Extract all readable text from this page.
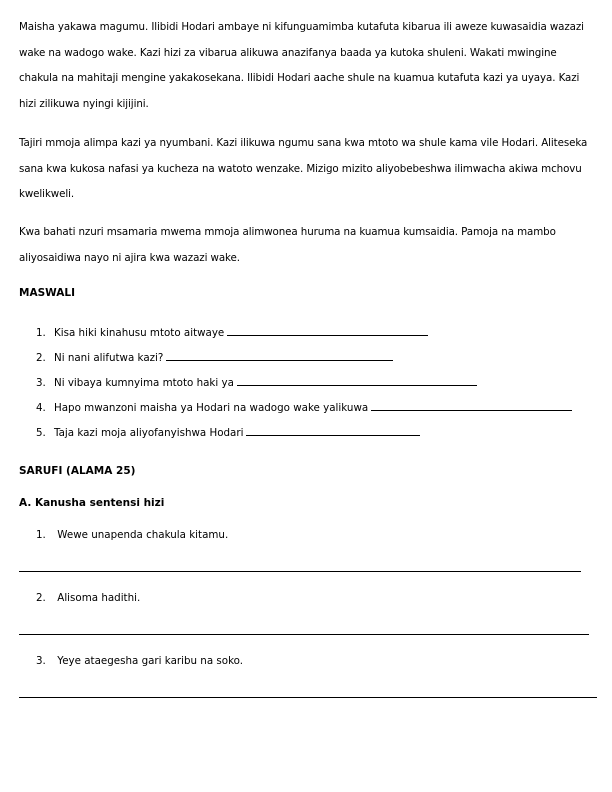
Maisha yakawa magumu. Ilibidi Hodari ambaye ni kifunguamimba kutafuta kibarua ili aweze kuwasaidia wazazi wake na wadogo wake. Kazi hizi za vibarua alikuwa anazifanya baada ya kutoka shuleni. Wakati mwingine chakula na mahitaji mengine yakakosekana. Ilibidi Hodari aache shule na kuamua kutafuta kazi ya uyaya. Kazi hizi zilikuwa nyingi kijijini.

Tajiri mmoja alimpa kazi ya nyumbani. Kazi ilikuwa ngumu sana kwa mtoto wa shule kama vile Hodari. Aliteseka sana kwa kukosa nafasi ya kucheza na watoto wenzake. Mizigo mizito aliyobebeshwa ilimwacha akiwa mchovu kwelikweli.

Kwa bahati nzuri msamaria mwema mmoja alimwonea huruma na kuamua kumsaidia. Pamoja na mambo aliyosaidiwa nayo ni ajira kwa wazazi wake.

MASWALI
1. Kisa hiki kinahusu mtoto aitwaye
2. Ni nani alifutwa kazi?
3. Ni vibaya kumnyima mtoto haki ya
4. Hapo mwanzoni maisha ya Hodari na wadogo wake yalikuwa
5. Taja kazi moja aliyofanyishwa Hodari
SARUFI (ALAMA 25)
A. Kanusha sentensi hizi
1. Wewe unapenda chakula kitamu.
2. Alisoma hadithi.
3. Yeye ataegesha gari karibu na soko.
